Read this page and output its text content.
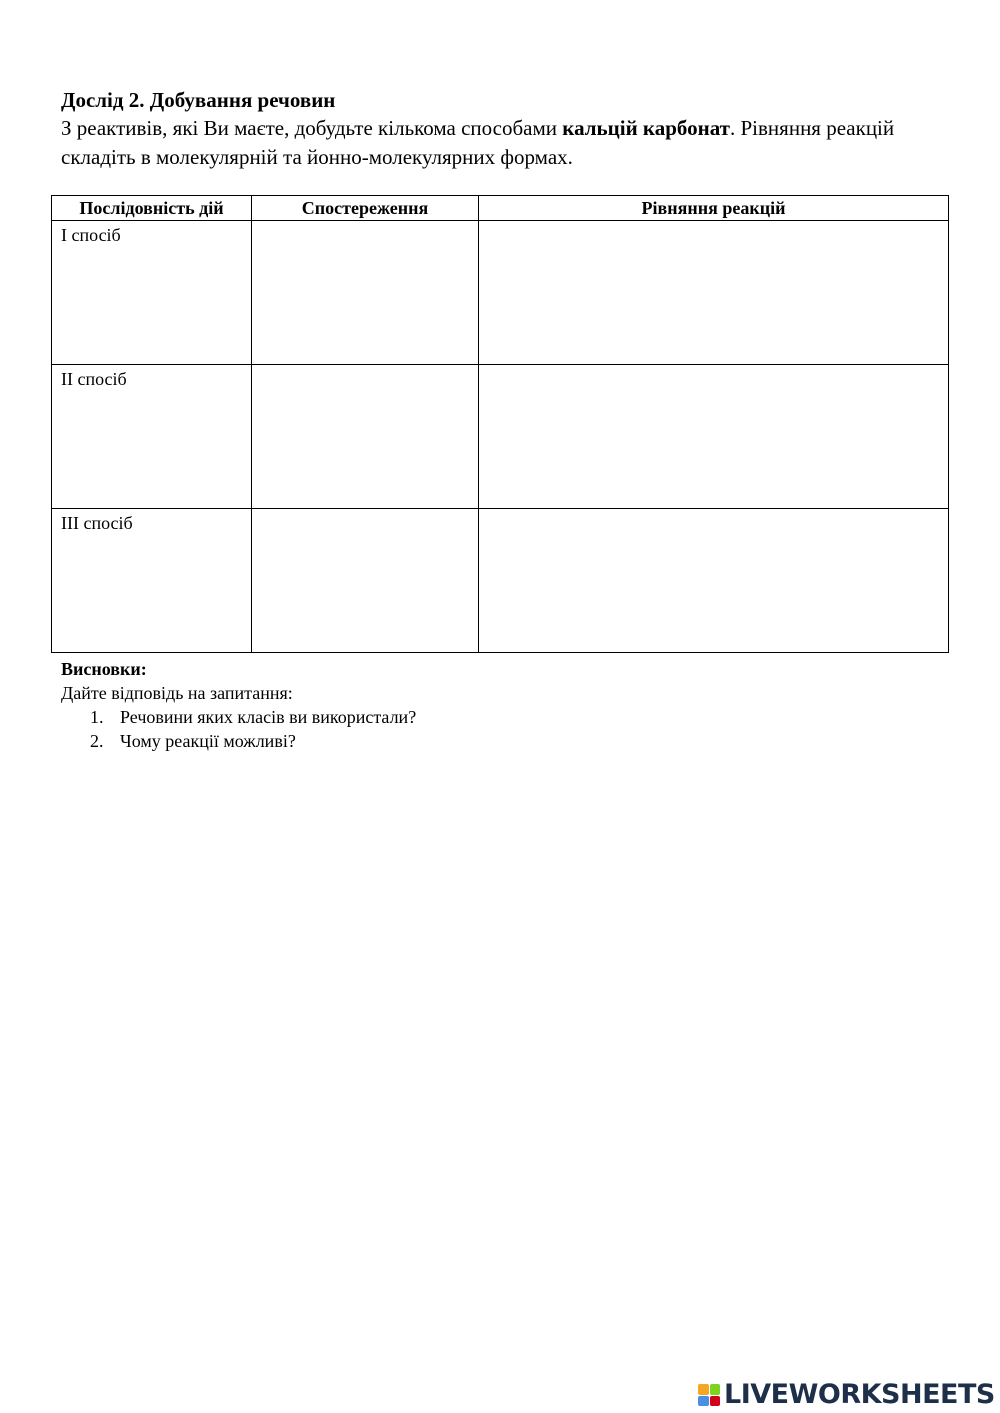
Дослід 2. Добування речовин

З реактивів, які Ви маєте, добудьте кількома способами кальцій карбонат. Рівняння реакцій складіть в молекулярній та йонно-молекулярних формах.

Послідовність дій	Спостереження	Рівняння реакцій

І спосіб		

ІІ спосіб		

ІІІ спосіб		

Висновки:

Дайте відповідь на запитання:

1. Речовини яких класів ви використали?
2. Чому реакції можливі?
LIVEWORKSHEETS
